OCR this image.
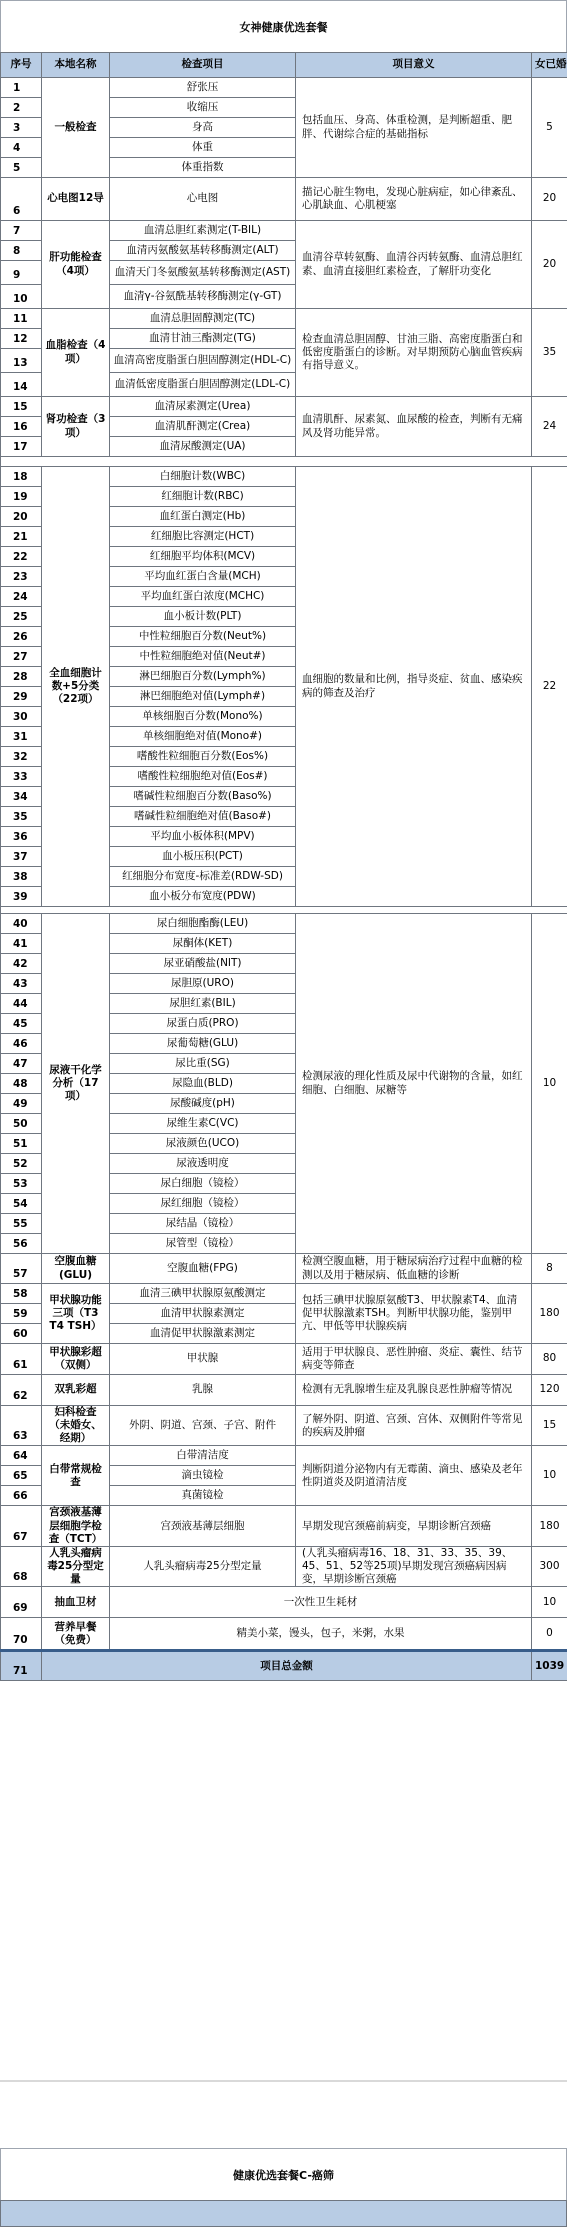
女神健康优选套餐
序号	本地名称	检查项目	项目意义	女已婚
1	一般检查	舒张压	包括血压、身高、体重检测，是判断超重、肥胖、代谢综合症的基础指标	5
2		收缩压		
3		身高		
4		体重		
5		体重指数		
6	心电图12导	心电图	描记心脏生物电，发现心脏病症，如心律紊乱、心肌缺血、心肌梗塞	20
7	肝功能检查（4项）	血清总胆红素测定(T-BIL)	血清谷草转氨酶、血清谷丙转氨酶、血清总胆红素、血清直接胆红素检查，了解肝功变化	20
8		血清丙氨酸氨基转移酶测定(ALT)		
9		血清天门冬氨酸氨基转移酶测定(AST)		
10		血清γ-谷氨酰基转移酶测定(γ-GT)		
11	血脂检查（4项）	血清总胆固醇测定(TC)	检查血清总胆固醇、甘油三脂、高密度脂蛋白和低密度脂蛋白的诊断。对早期预防心脑血管疾病有指导意义。	35
12		血清甘油三酯测定(TG)		
13		血清高密度脂蛋白胆固醇测定(HDL-C)		
14		血清低密度脂蛋白胆固醇测定(LDL-C)		
15	肾功检查（3项）	血清尿素测定(Urea)	血清肌酐、尿素氮、血尿酸的检查，判断有无痛风及肾功能异常。	24
16		血清肌酐测定(Crea)		
17		血清尿酸测定(UA)		

18	全血细胞计数+5分类（22项）	白细胞计数(WBC)	血细胞的数量和比例，指导炎症、贫血、感染疾病的筛查及治疗	22
19		红细胞计数(RBC)		
20		血红蛋白测定(Hb)		
21		红细胞比容测定(HCT)		
22		红细胞平均体积(MCV)		
23		平均血红蛋白含量(MCH)		
24		平均血红蛋白浓度(MCHC)		
25		血小板计数(PLT)		
26		中性粒细胞百分数(Neut%)		
27		中性粒细胞绝对值(Neut#)		
28		淋巴细胞百分数(Lymph%)		
29		淋巴细胞绝对值(Lymph#)		
30		单核细胞百分数(Mono%)		
31		单核细胞绝对值(Mono#)		
32		嗜酸性粒细胞百分数(Eos%)		
33		嗜酸性粒细胞绝对值(Eos#)		
34		嗜碱性粒细胞百分数(Baso%)		
35		嗜碱性粒细胞绝对值(Baso#)		
36		平均血小板体积(MPV)		
37		血小板压积(PCT)		
38		红细胞分布宽度-标准差(RDW-SD)		
39		血小板分布宽度(PDW)		

40	尿液干化学分析（17项）	尿白细胞酯酶(LEU)	检测尿液的理化性质及尿中代谢物的含量，如红细胞、白细胞、尿糖等	10
41		尿酮体(KET)		
42		尿亚硝酸盐(NIT)		
43		尿胆原(URO)		
44		尿胆红素(BIL)		
45		尿蛋白质(PRO)		
46		尿葡萄糖(GLU)		
47		尿比重(SG)		
48		尿隐血(BLD)		
49		尿酸碱度(pH)		
50		尿维生素C(VC)		
51		尿液颜色(UCO)		
52		尿液透明度		
53		尿白细胞（镜检）		
54		尿红细胞（镜检）		
55		尿结晶（镜检）		
56		尿管型（镜检）		
57	空腹血糖(GLU)	空腹血糖(FPG)	检测空腹血糖，用于糖尿病治疗过程中血糖的检测以及用于糖尿病、低血糖的诊断	8
58	甲状腺功能三项（T3 T4 TSH）	血清三碘甲状腺原氨酸测定	包括三碘甲状腺原氨酸T3、甲状腺素T4、血清促甲状腺激素TSH。判断甲状腺功能，鉴别甲亢、甲低等甲状腺疾病	180
59		血清甲状腺素测定		
60		血清促甲状腺激素测定		
61	甲状腺彩超（双侧）	甲状腺	适用于甲状腺良、恶性肿瘤、炎症、囊性、结节病变等筛查	80
62	双乳彩超	乳腺	检测有无乳腺增生症及乳腺良恶性肿瘤等情况	120
63	妇科检查（未婚女、经期）	外阴、阴道、宫颈、子宫、附件	了解外阴、阴道、宫颈、宫体、双侧附件等常见的疾病及肿瘤	15
64	白带常规检查	白带清洁度	判断阴道分泌物内有无霉菌、滴虫、感染及老年性阴道炎及阴道清洁度	10
65		滴虫镜检		
66		真菌镜检		
67	宫颈液基薄层细胞学检查（TCT）	宫颈液基薄层细胞	早期发现宫颈癌前病变，早期诊断宫颈癌	180
68	人乳头瘤病毒25分型定量	人乳头瘤病毒25分型定量	(人乳头瘤病毒16、18、31、33、35、39、45、51、52等25项)早期发现宫颈癌病因病变，早期诊断宫颈癌	300
69	抽血卫材	一次性卫生耗材		10
70	营养早餐（免费）	精美小菜，馒头，包子，米粥，水果		0
71	项目总金额			1039
健康优选套餐C-癌筛
